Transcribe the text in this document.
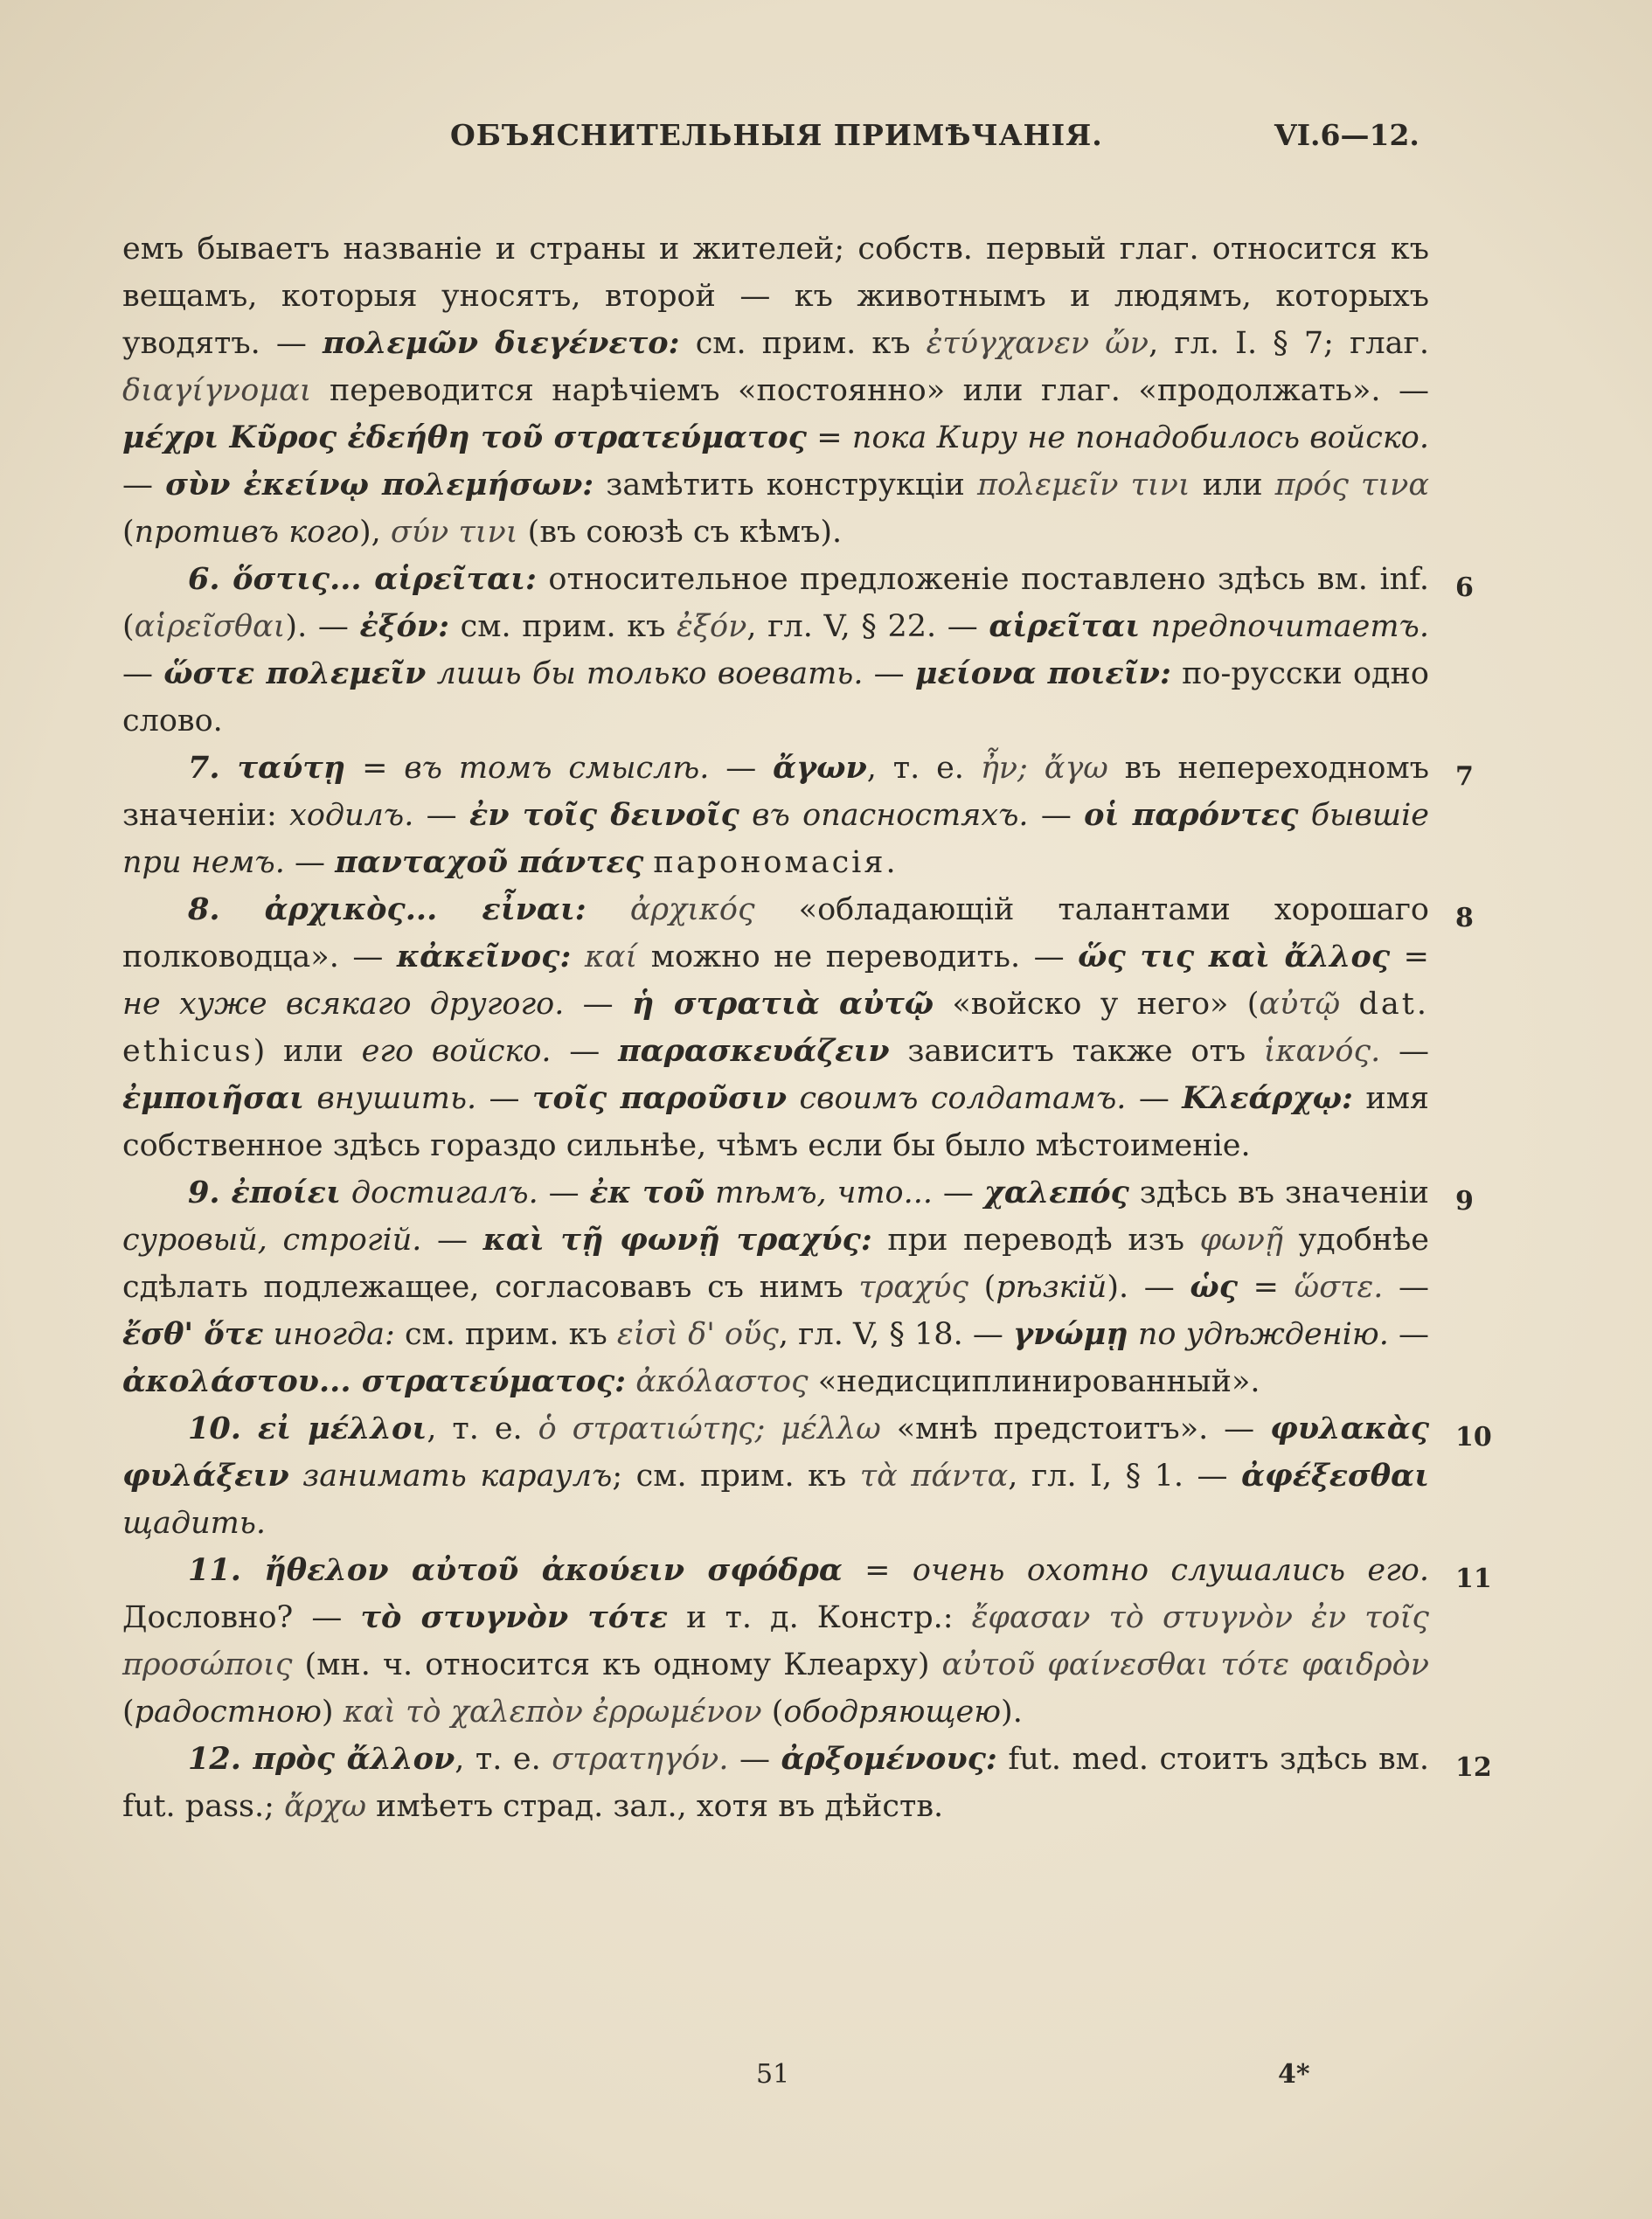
ОБЪЯСНИТЕЛЬНЫЯ ПРИМѢЧАНІЯ.	VI.6—12.

емъ бываетъ названіе и страны и жителей; собств. первый глаг. относится къ вещамъ, которыя уносятъ, второй — къ животнымъ и людямъ, которыхъ уводятъ. — πολεμῶν διεγένετο: см. прим. къ ἐτύγχανεν ὤν, гл. I. § 7; глаг. διαγίγνομαι переводится нарѣчіемъ «постоянно» или глаг. «продолжать». — μέχρι Κῦρος ἐδεήθη τοῦ στρατεύματος = пока Киру не понадобилось войско. — σὺν ἐκείνῳ πολεμήσων: замѣтить конструкціи πολεμεῖν τινι или πρός τινα (противъ кого), σύν τινι (въ союзѣ съ кѣмъ).

6
6. ὅστις... αἱρεῖται: относительное предложеніе поставлено здѣсь вм. inf. (αἱρεῖσθαι). — ἐξόν: см. прим. къ ἐξόν, гл. V, § 22. — αἱρεῖται предпочитаетъ. — ὥστε πολεμεῖν лишь бы только воевать. — μείονα ποιεῖν: по-русски одно слово.

7
7. ταύτῃ = въ томъ смыслѣ. — ἄγων, т. е. ἦν; ἄγω въ непереходномъ значеніи: ходилъ. — ἐν τοῖς δεινοῖς въ опасностяхъ. — οἱ παρόντες бывшіе при немъ. — πανταχοῦ πάντες парономасія.

8
8. ἀρχικὸς... εἶναι: ἀρχικός «обладающій талантами хорошаго полководца». — κἀκεῖνος: καί можно не переводить. — ὥς τις καὶ ἄλλος = не хуже всякаго другого. — ἡ στρατιὰ αὐτῷ «войско у него» (αὐτῷ dat. ethicus) или его войско. — παρασκευάζειν зависитъ также отъ ἱκανός. — ἐμποιῆσαι внушить. — τοῖς παροῦσιν своимъ солдатамъ. — Κλεάρχῳ: имя собственное здѣсь гораздо сильнѣе, чѣмъ если бы было мѣстоименіе.

9
9. ἐποίει достигалъ. — ἐκ τοῦ тѣмъ, что... — χαλεπός здѣсь въ значеніи суровый, строгій. — καὶ τῇ φωνῇ τραχύς: при переводѣ изъ φωνῇ удобнѣе сдѣлать подлежащее, согласовавъ съ нимъ τραχύς (рѣзкій). — ὡς = ὥστε. — ἔσθ' ὅτε иногда: см. прим. къ εἰσὶ δ' οὕς, гл. V, § 18. — γνώμῃ по удѣжденію. — ἀκολάστου... στρατεύματος: ἀκόλαστος «недисциплинированный».

10
10. εἰ μέλλοι, т. е. ὁ στρατιώτης; μέλλω «мнѣ предстоитъ». — φυλακὰς φυλάξειν занимать караулъ; см. прим. къ τὰ πάντα, гл. I, § 1. — ἀφέξεσθαι щадить.

11
11. ἤθελον αὐτοῦ ἀκούειν σφόδρα = очень охотно слушались его. Дословно? — τὸ στυγνὸν τότε и т. д. Констр.: ἔφασαν τὸ στυγνὸν ἐν τοῖς προσώποις (мн. ч. относится къ одному Клеарху) αὐτοῦ φαίνεσθαι τότε φαιδρὸν (радостною) καὶ τὸ χαλεπὸν ἐρρωμένον (ободряющею).

12
12. πρὸς ἄλλον, т. е. στρατηγόν. — ἀρξομένους: fut. med. стоитъ здѣсь вм. fut. pass.; ἄρχω имѣетъ страд. зал., хотя въ дѣйств.

51	4*
